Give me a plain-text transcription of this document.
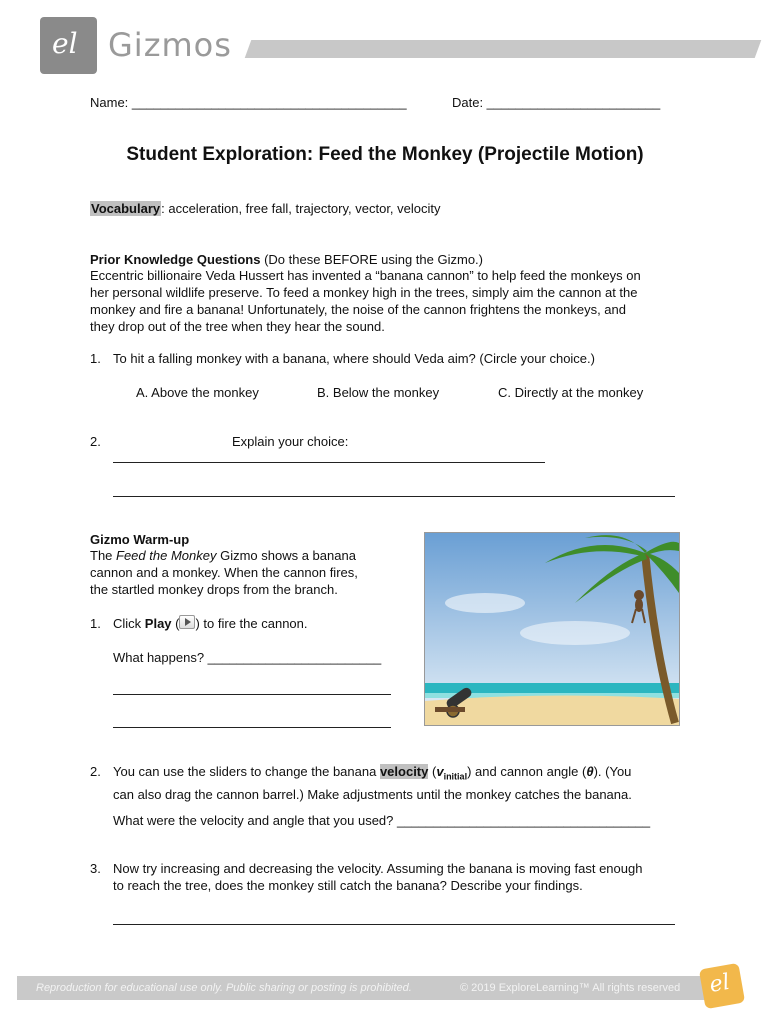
el Gizmos
Name: ______________________________________	Date: ________________________
Student Exploration: Feed the Monkey (Projectile Motion)
Vocabulary: acceleration, free fall, trajectory, vector, velocity
Prior Knowledge Questions (Do these BEFORE using the Gizmo.)
Eccentric billionaire Veda Hussert has invented a “banana cannon” to help feed the monkeys on
her personal wildlife preserve. To feed a monkey high in the trees, simply aim the cannon at the
monkey and fire a banana! Unfortunately, the noise of the cannon frightens the monkeys, and
they drop out of the tree when they hear the sound.
1. To hit a falling monkey with a banana, where should Veda aim? (Circle your choice.)
A. Above the monkey	B. Below the monkey	C. Directly at the monkey
2.	Explain your choice:
Gizmo Warm-up
The Feed the Monkey Gizmo shows a banana
cannon and a monkey. When the cannon fires,
the startled monkey drops from the branch.
1. Click Play ( ) to fire the cannon.
What happens? ________________________
2. You can use the sliders to change the banana velocity $(v_{initial})$ and cannon angle (θ). (You
can also drag the cannon barrel.) Make adjustments until the monkey catches the banana.
What were the velocity and angle that you used? ___________________________________
3. Now try increasing and decreasing the velocity. Assuming the banana is moving fast enough
to reach the tree, does the monkey still catch the banana? Describe your findings.
Reproduction for educational use only. Public sharing or posting is prohibited.	© 2019 ExploreLearning™ All rights reserved el
